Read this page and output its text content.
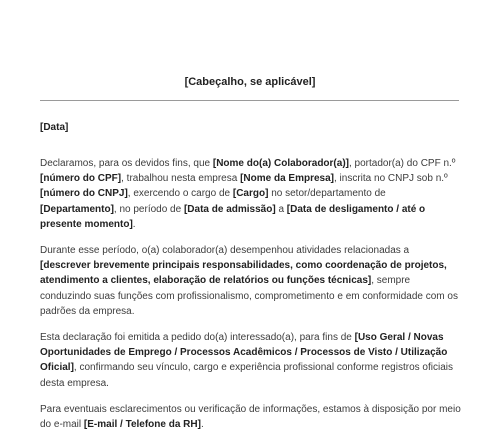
[Cabeçalho, se aplicável]

[Data]

Declaramos, para os devidos fins, que [Nome do(a) Colaborador(a)], portador(a) do CPF n.º [número do CPF], trabalhou nesta empresa [Nome da Empresa], inscrita no CNPJ sob n.º [número do CNPJ], exercendo o cargo de [Cargo] no setor/departamento de [Departamento], no período de [Data de admissão] a [Data de desligamento / até o presente momento].

Durante esse período, o(a) colaborador(a) desempenhou atividades relacionadas a [descrever brevemente principais responsabilidades, como coordenação de projetos, atendimento a clientes, elaboração de relatórios ou funções técnicas], sempre conduzindo suas funções com profissionalismo, comprometimento e em conformidade com os padrões da empresa.

Esta declaração foi emitida a pedido do(a) interessado(a), para fins de [Uso Geral / Novas Oportunidades de Emprego / Processos Acadêmicos / Processos de Visto / Utilização Oficial], confirmando seu vínculo, cargo e experiência profissional conforme registros oficiais desta empresa.

Para eventuais esclarecimentos ou verificação de informações, estamos à disposição por meio do e-mail [E-mail / Telefone da RH].
